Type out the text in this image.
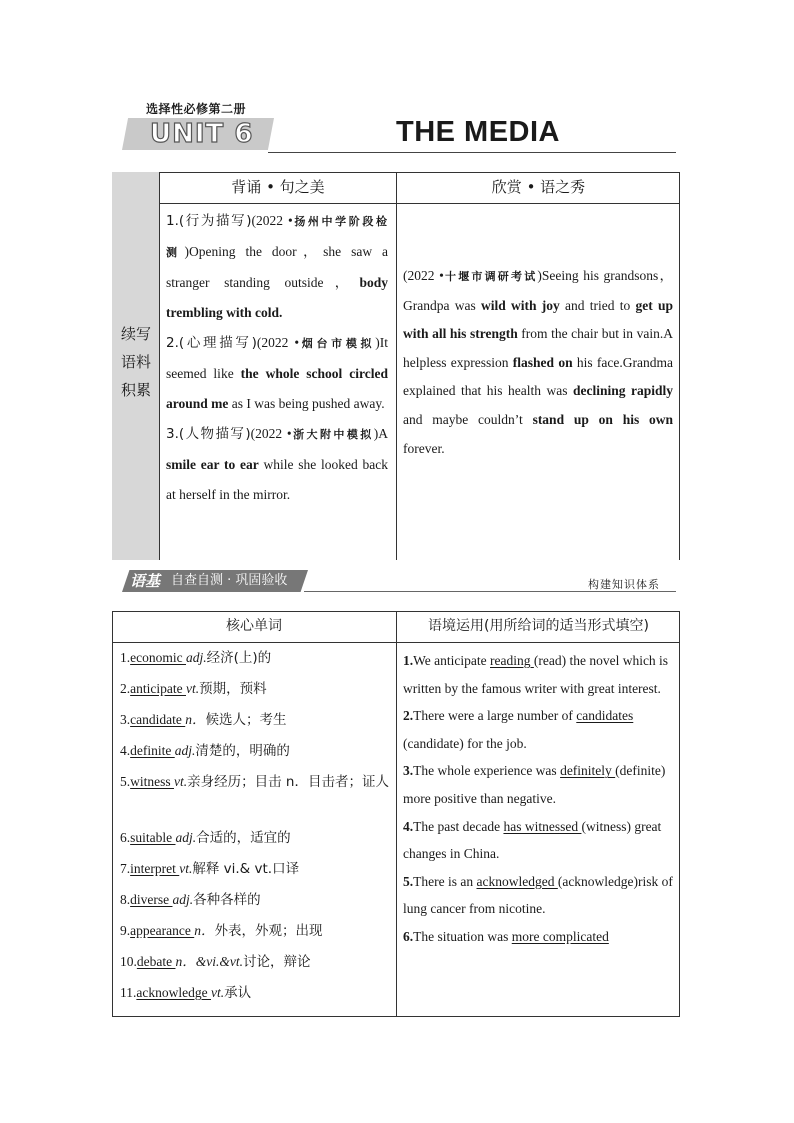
选择性必修第二册
UNIT 6	THE MEDIA
续写
语料
积累
背诵 • 句之美	欣赏 • 语之秀
1.(行为描写)(2022 •扬州中学阶段检测)Opening the door，she saw a stranger standing outside，body trembling with cold.
2.(心理描写)(2022 •烟台市模拟)It seemed like the whole school circled around me as I was being pushed away.
3.(人物描写)(2022 •浙大附中模拟)A smile ear to ear while she looked back at herself in the mirror.
(2022 •十堰市调研考试)Seeing his grandsons，Grandpa was wild with joy and tried to get up with all his strength from the chair but in vain.A helpless expression flashed on his face.Grandma explained that his health was declining rapidly and maybe couldn’t stand up on his own forever.
语基 自查自测 · 巩固验收	构建知识体系
核心单词	语境运用(用所给词的适当形式填空)
1.economic adj.经济(上)的
2.anticipate vt.预期，预料
3.candidate n．候选人；考生
4.definite adj.清楚的，明确的
5.witness vt.亲身经历；目击 n．目击者；证人
6.suitable adj.合适的，适宜的
7.interpret vt.解释 vi.& vt.口译
8.diverse adj.各种各样的
9.appearance n．外表，外观；出现
10.debate n．&vi.&vt.讨论，辩论
11.acknowledge vt.承认
1.We anticipate reading (read) the novel which is written by the famous writer with great interest.
2.There were a large number of candidates (candidate) for the job.
3.The whole experience was definitely (definite) more positive than negative.
4.The past decade has witnessed (witness) great changes in China.
5.There is an acknowledged (acknowledge)risk of lung cancer from nicotine.
6.The situation was more complicated
